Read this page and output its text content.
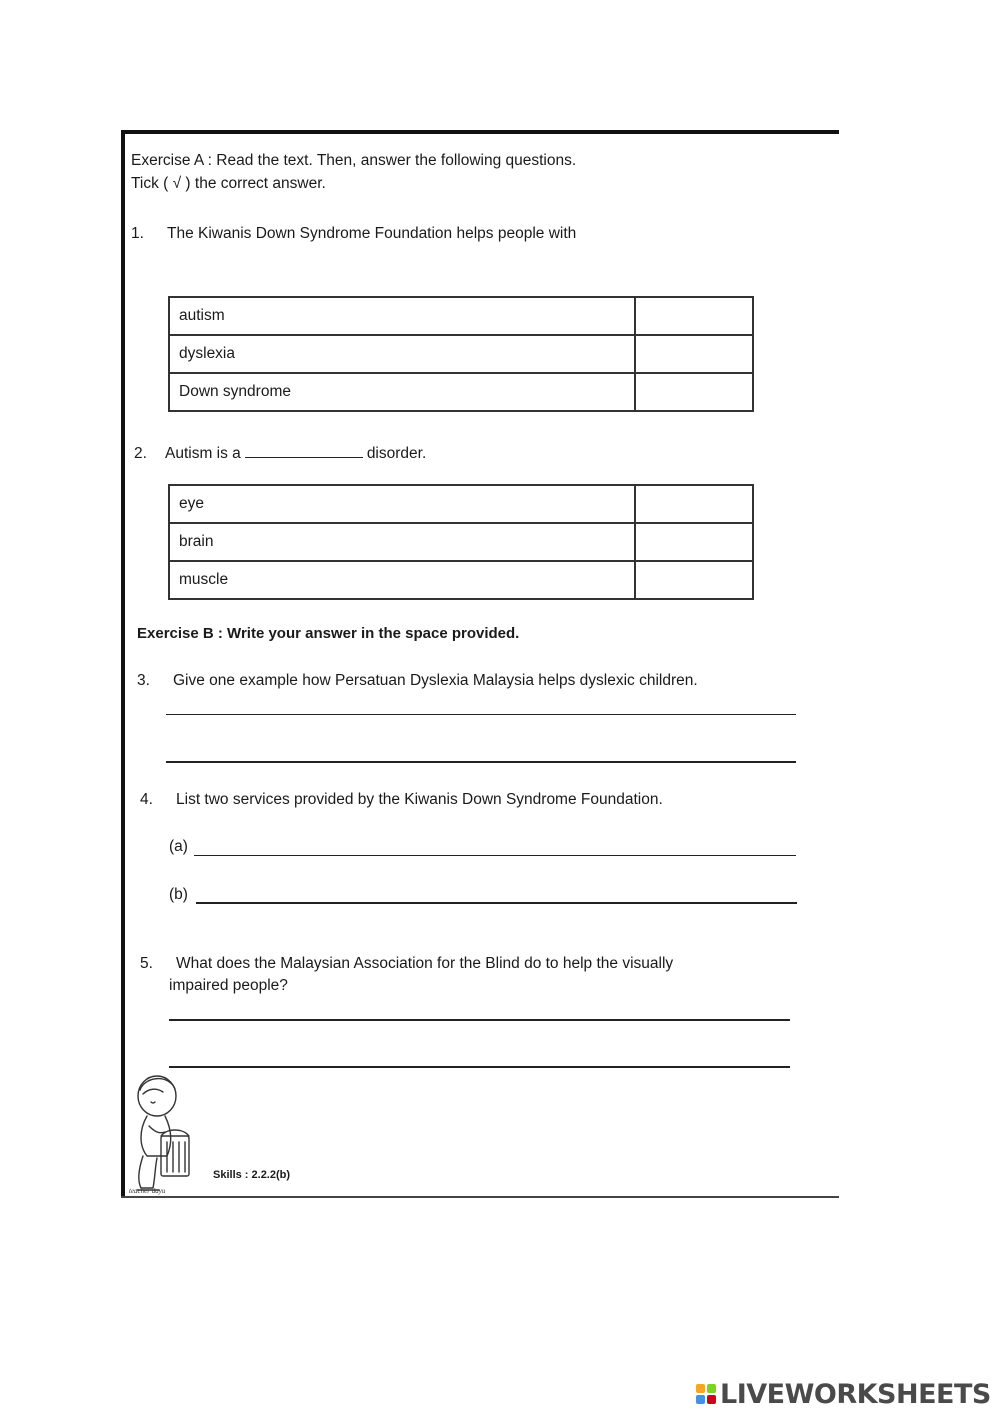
Exercise A : Read the text. Then, answer the following questions.
Tick ( √ ) the correct answer.
1. The Kiwanis Down Syndrome Foundation helps people with
autism	
dyslexia	
Down syndrome	
2. Autism is a	disorder.
eye	
brain	
muscle	
Exercise B : Write your answer in the space provided.
3. Give one example how Persatuan Dyslexia Malaysia helps dyslexic children.
4. List two services provided by the Kiwanis Down Syndrome Foundation.
(a)
(b)
5. What does the Malaysian Association for the Blind do to help the visually
impaired people?
teacher dayu
Skills : 2.2.2(b)
LIVEWORKSHEETS
